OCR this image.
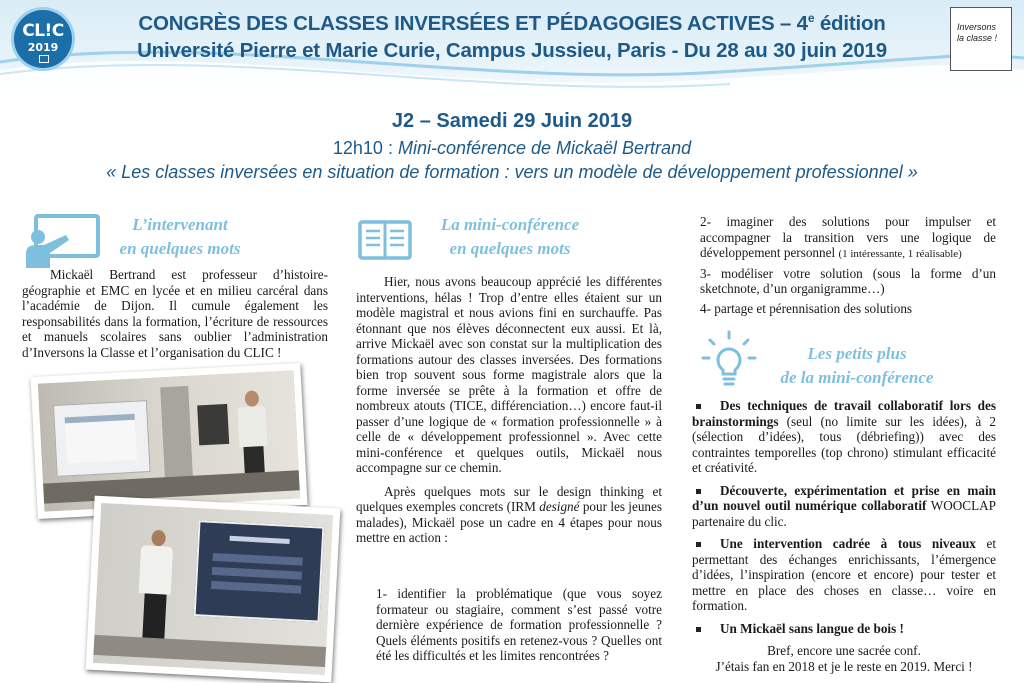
CL!C
2019
Inversons
la classe !
CONGRÈS DES CLASSES INVERSÉES ET PÉDAGOGIES ACTIVES – 4e édition
Université Pierre et Marie Curie, Campus Jussieu, Paris - Du 28 au 30 juin 2019
J2 – Samedi 29 Juin 2019
12h10 : Mini-conférence de Mickaël Bertrand
« Les classes inversées en situation de formation : vers un modèle de développement professionnel »
L’intervenant
en quelques mots

Mickaël Bertrand est professeur d’histoire-géographie et EMC en lycée et en milieu carcéral dans l’académie de Dijon. Il cumule également les responsabilités dans la formation, l’écriture de ressources et manuels scolaires sans oublier l’administration d’Inversons la Classe et l’organisation du CLIC !

La mini-conférence
en quelques mots

Hier, nous avons beaucoup apprécié les différentes interventions, hélas ! Trop d’entre elles étaient sur un modèle magistral et nous avions fini en surchauffe. Pas étonnant que nos élèves déconnectent eux aussi. Et là, arrive Mickaël avec son constat sur la multiplication des formations autour des classes inversées. Des formations bien trop souvent sous forme magistrale alors que la forme inversée se prête à la formation et offre de nombreux atouts (TICE, différenciation…) encore faut-il passer d’une logique de « formation professionnelle » à celle de « développement professionnel ». Avec cette mini-conférence et quelques outils, Mickaël nous accompagne sur ce chemin.

Après quelques mots sur le design thinking et quelques exemples concrets (IRM designé pour les jeunes malades), Mickaël pose un cadre en 4 étapes pour nous mettre en action :

1- identifier la problématique (que vous soyez formateur ou stagiaire, comment s’est passé votre dernière expérience de formation professionnelle ? Quels éléments positifs en retenez-vous ? Quelles ont été les difficultés et les limites rencontrées ?

2- imaginer des solutions pour impulser et accompagner la transition vers une logique de développement personnel (1 intéressante, 1 réalisable)

3- modéliser votre solution (sous la forme d’un sketchnote, d’un organigramme…)

4- partage et pérennisation des solutions

Les petits plus
de la mini-conférence
Des techniques de travail collaboratif lors des brainstormings (seul (no limite sur les idées), à 2 (sélection d’idées), tous (débriefing)) avec des contraintes temporelles (top chrono) stimulant efficacité et créativité.
Découverte, expérimentation et prise en main d’un nouvel outil numérique collaboratif WOOCLAP partenaire du clic.
Une intervention cadrée à tous niveaux et permettant des échanges enrichissants, l’émergence d’idées, l’inspiration (encore et encore) pour tester et mettre en place des choses en classe… voire en formation.
Un Mickaël sans langue de bois !

Bref, encore une sacrée conf.

J’étais fan en 2018 et je le reste en 2019. Merci !
